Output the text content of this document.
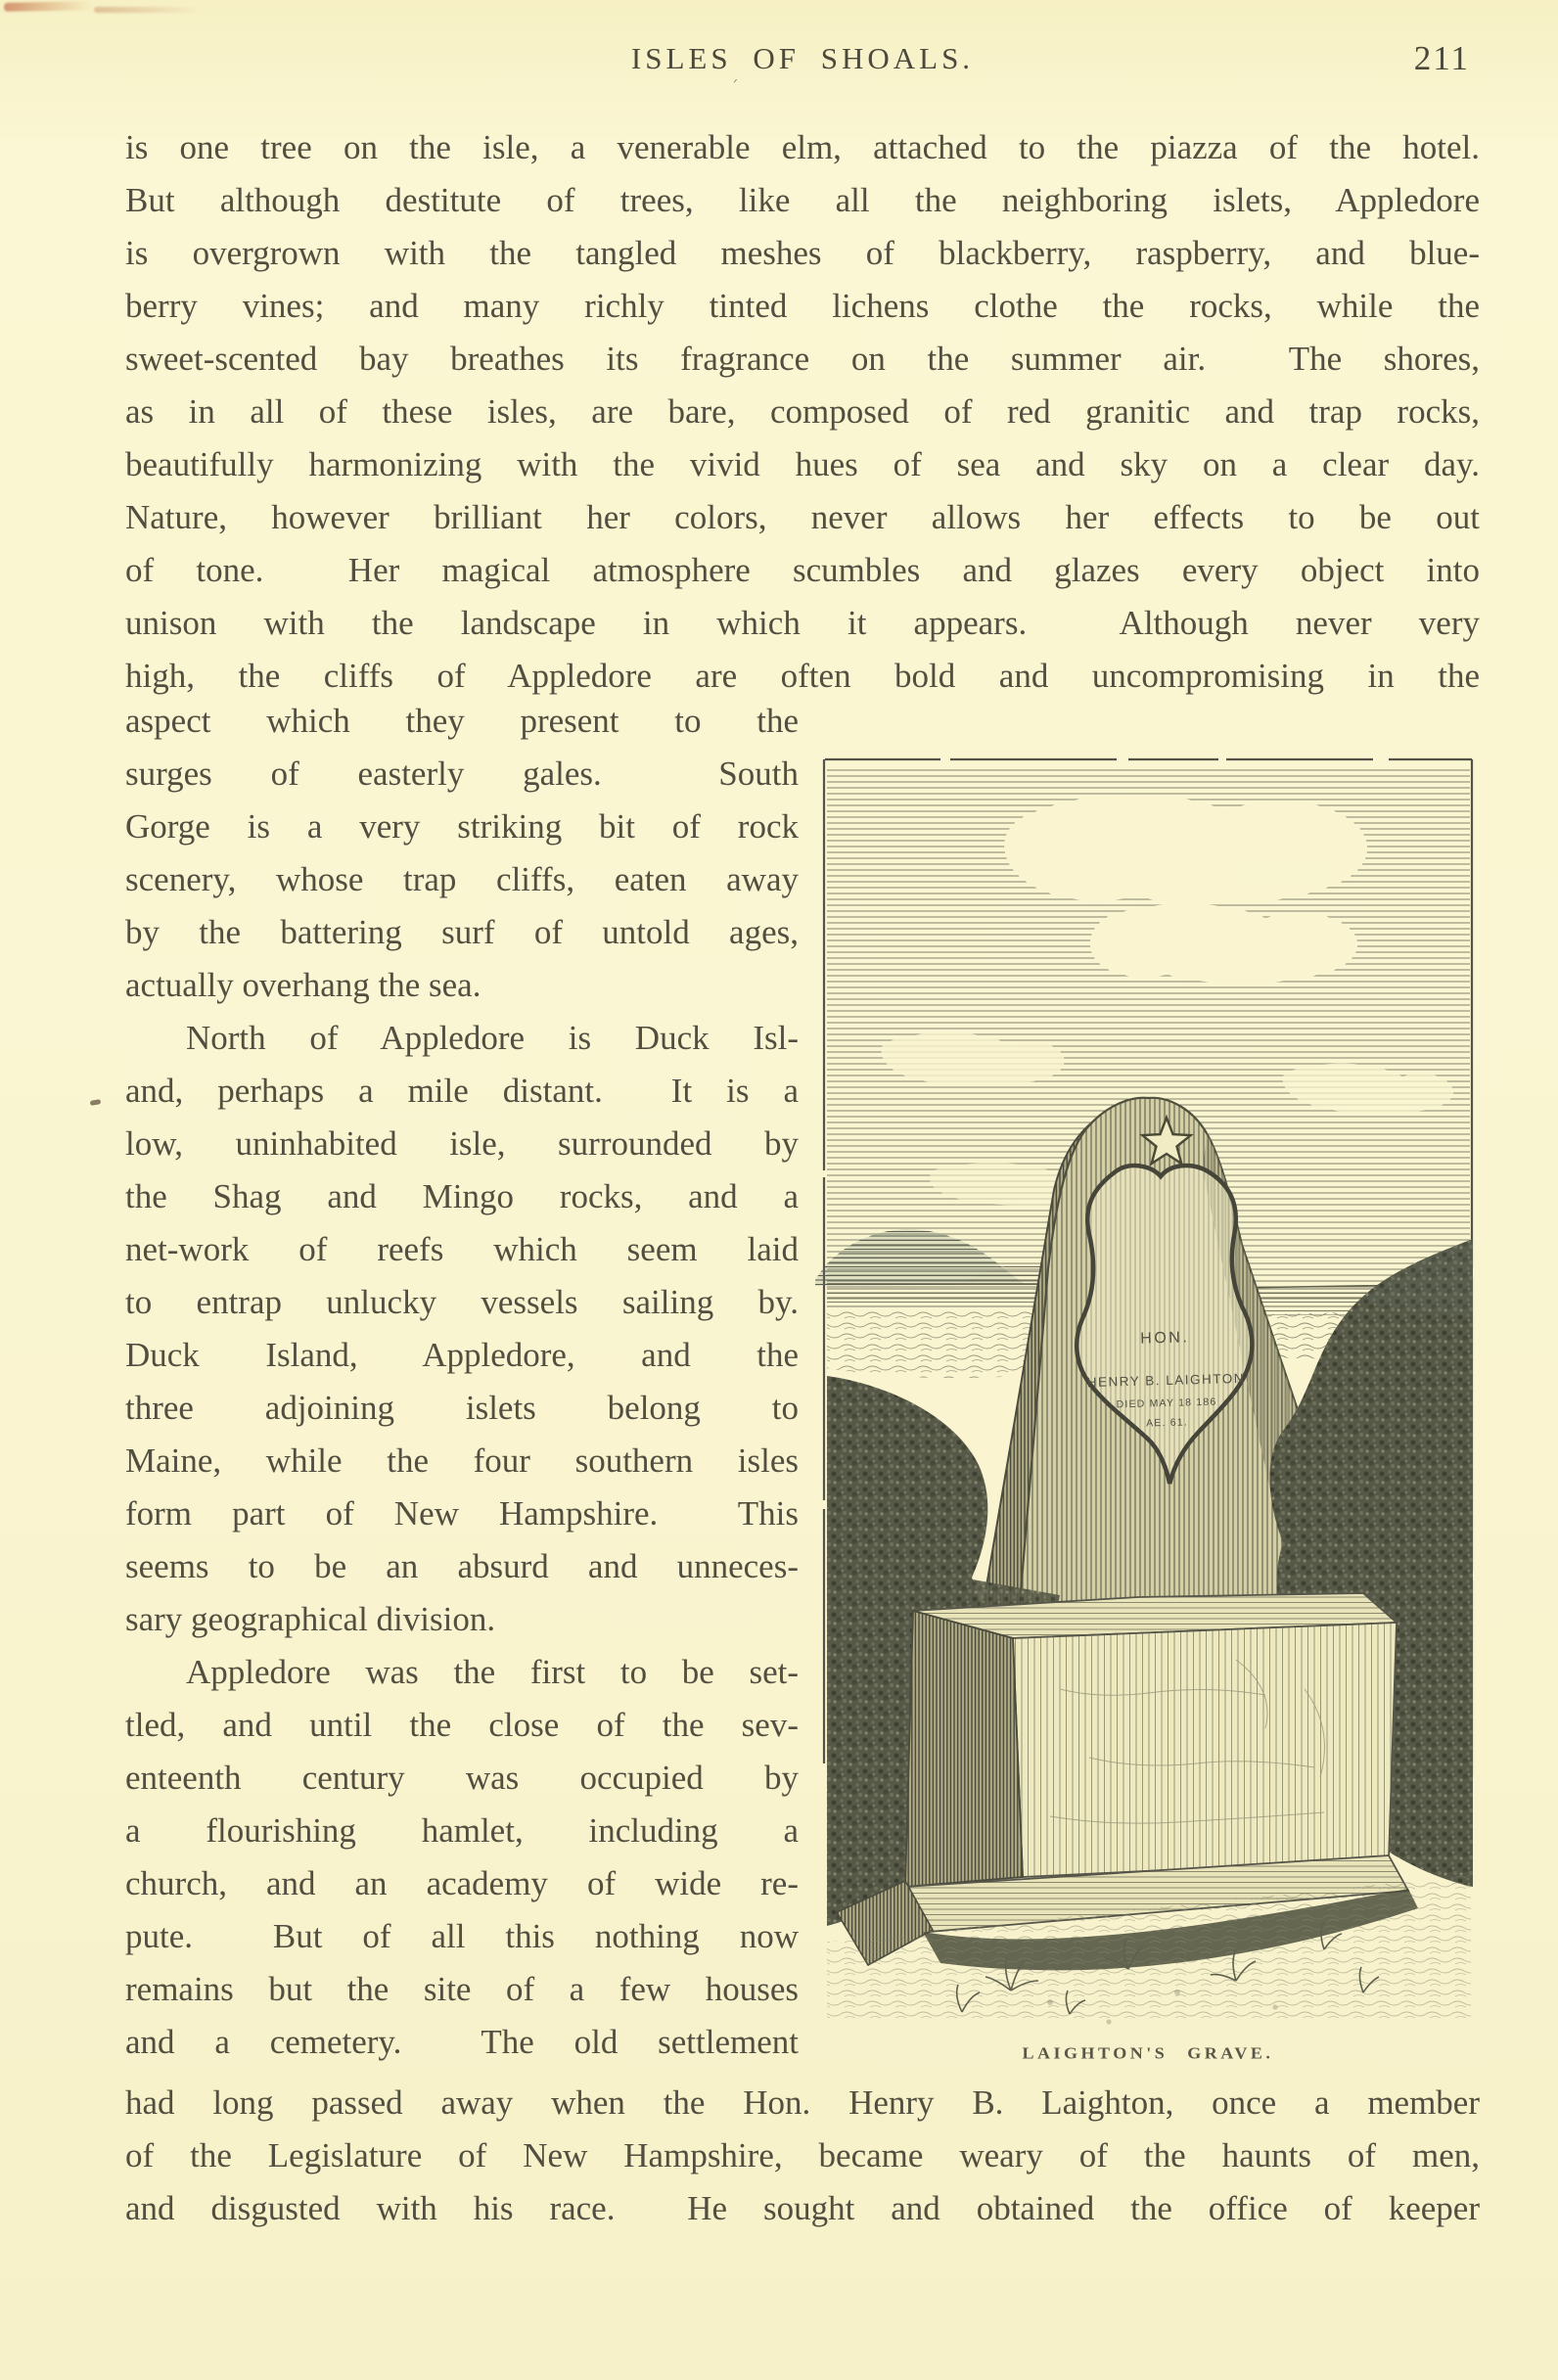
ISLES OF SHOALS.	211
׳
is one tree on the isle, a venerable elm, attached to the piazza of the hotel.
But although destitute of trees, like all the neighboring islets, Appledore
is overgrown with the tangled meshes of blackberry, raspberry, and blue-
berry vines; and many richly tinted lichens clothe the rocks, while the
sweet-scented bay breathes its fragrance on the summer air.  The shores,
as in all of these isles, are bare, composed of red granitic and trap rocks,
beautifully harmonizing with the vivid hues of sea and sky on a clear day.
Nature, however brilliant her colors, never allows her effects to be out
of tone.  Her magical atmosphere scumbles and glazes every object into
unison with the landscape in which it appears.  Although never very
high, the cliffs of Appledore are often bold and uncompromising in the
aspect which they present to the
surges of easterly gales.  South
Gorge is a very striking bit of rock
scenery, whose trap cliffs, eaten away
by the battering surf of untold ages,
actually overhang the sea.
North of Appledore is Duck Isl-
and, perhaps a mile distant.  It is a
low, uninhabited isle, surrounded by
the Shag and Mingo rocks, and a
net-work of reefs which seem laid
to entrap unlucky vessels sailing by.
Duck Island, Appledore, and the
three adjoining islets belong to
Maine, while the four southern isles
form part of New Hampshire.  This
seems to be an absurd and unneces-
sary geographical division.
Appledore was the first to be set-
tled, and until the close of the sev-
enteenth century was occupied by
a flourishing hamlet, including a
church, and an academy of wide re-
pute.  But of all this nothing now
remains but the site of a few houses
and a cemetery.  The old settlement
HON.
HENRY B. LAIGHTON
DIED MAY 18 186
AE. 61.
LAIGHTON'S GRAVE.
had long passed away when the Hon. Henry B. Laighton, once a member
of the Legislature of New Hampshire, became weary of the haunts of men,
and disgusted with his race.  He sought and obtained the office of keeper
